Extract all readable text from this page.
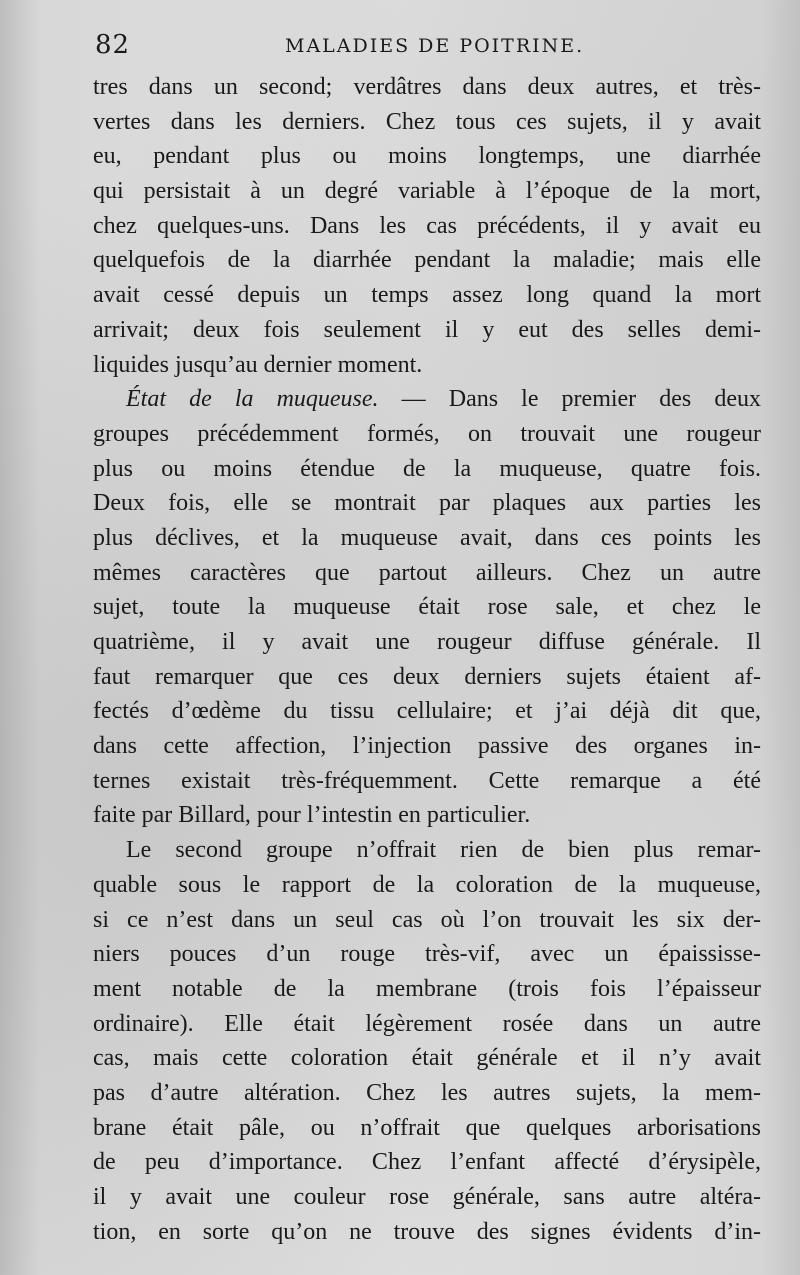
82	MALADIES DE POITRINE.
tres dans un second; verdâtres dans deux autres, et très-
vertes dans les derniers. Chez tous ces sujets, il y avait
eu, pendant plus ou moins longtemps, une diarrhée
qui persistait à un degré variable à l’époque de la mort,
chez quelques-uns. Dans les cas précédents, il y avait eu
quelquefois de la diarrhée pendant la maladie; mais elle
avait cessé depuis un temps assez long quand la mort
arrivait; deux fois seulement il y eut des selles demi-
liquides jusqu’au dernier moment.
État de la muqueuse. — Dans le premier des deux
groupes précédemment formés, on trouvait une rougeur
plus ou moins étendue de la muqueuse, quatre fois.
Deux fois, elle se montrait par plaques aux parties les
plus déclives, et la muqueuse avait, dans ces points les
mêmes caractères que partout ailleurs. Chez un autre
sujet, toute la muqueuse était rose sale, et chez le
quatrième, il y avait une rougeur diffuse générale. Il
faut remarquer que ces deux derniers sujets étaient af-
fectés d’œdème du tissu cellulaire; et j’ai déjà dit que,
dans cette affection, l’injection passive des organes in-
ternes existait très-fréquemment. Cette remarque a été
faite par Billard, pour l’intestin en particulier.
Le second groupe n’offrait rien de bien plus remar-
quable sous le rapport de la coloration de la muqueuse,
si ce n’est dans un seul cas où l’on trouvait les six der-
niers pouces d’un rouge très-vif, avec un épaississe-
ment notable de la membrane (trois fois l’épaisseur
ordinaire). Elle était légèrement rosée dans un autre
cas, mais cette coloration était générale et il n’y avait
pas d’autre altération. Chez les autres sujets, la mem-
brane était pâle, ou n’offrait que quelques arborisations
de peu d’importance. Chez l’enfant affecté d’érysipèle,
il y avait une couleur rose générale, sans autre altéra-
tion, en sorte qu’on ne trouve des signes évidents d’in-
